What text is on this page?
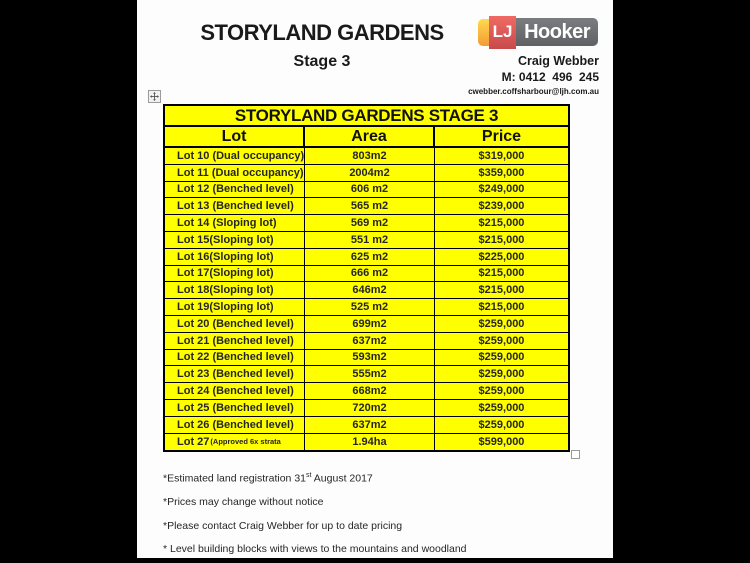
STORYLAND GARDENS
Stage 3
LJ Hooker
Craig Webber
M: 0412  496  245
cwebber.coffsharbour@ljh.com.au
STORYLAND GARDENS STAGE 3
Lot	Area	Price
Lot 10 (Dual occupancy)	803m2	$319,000
Lot 11 (Dual occupancy)	2004m2	$359,000
Lot 12 (Benched level)	606 m2	$249,000
Lot 13 (Benched level)	565 m2	$239,000
Lot 14 (Sloping lot)	569 m2	$215,000
Lot 15(Sloping lot)	551 m2	$215,000
Lot 16(Sloping lot)	625 m2	$225,000
Lot 17(Sloping lot)	666 m2	$215,000
Lot 18(Sloping lot)	646m2	$215,000
Lot 19(Sloping lot)	525 m2	$215,000
Lot 20 (Benched level)	699m2	$259,000
Lot 21 (Benched level)	637m2	$259,000
Lot 22 (Benched level)	593m2	$259,000
Lot 23 (Benched level)	555m2	$259,000
Lot 24 (Benched level)	668m2	$259,000
Lot 25 (Benched level)	720m2	$259,000
Lot 26 (Benched level)	637m2	$259,000
Lot 27 (Approved 6x strata	1.94ha	$599,000

*Estimated land registration 31st August 2017

*Prices may change without notice

*Please contact Craig Webber for up to date pricing

* Level building blocks with views to the mountains and woodland
